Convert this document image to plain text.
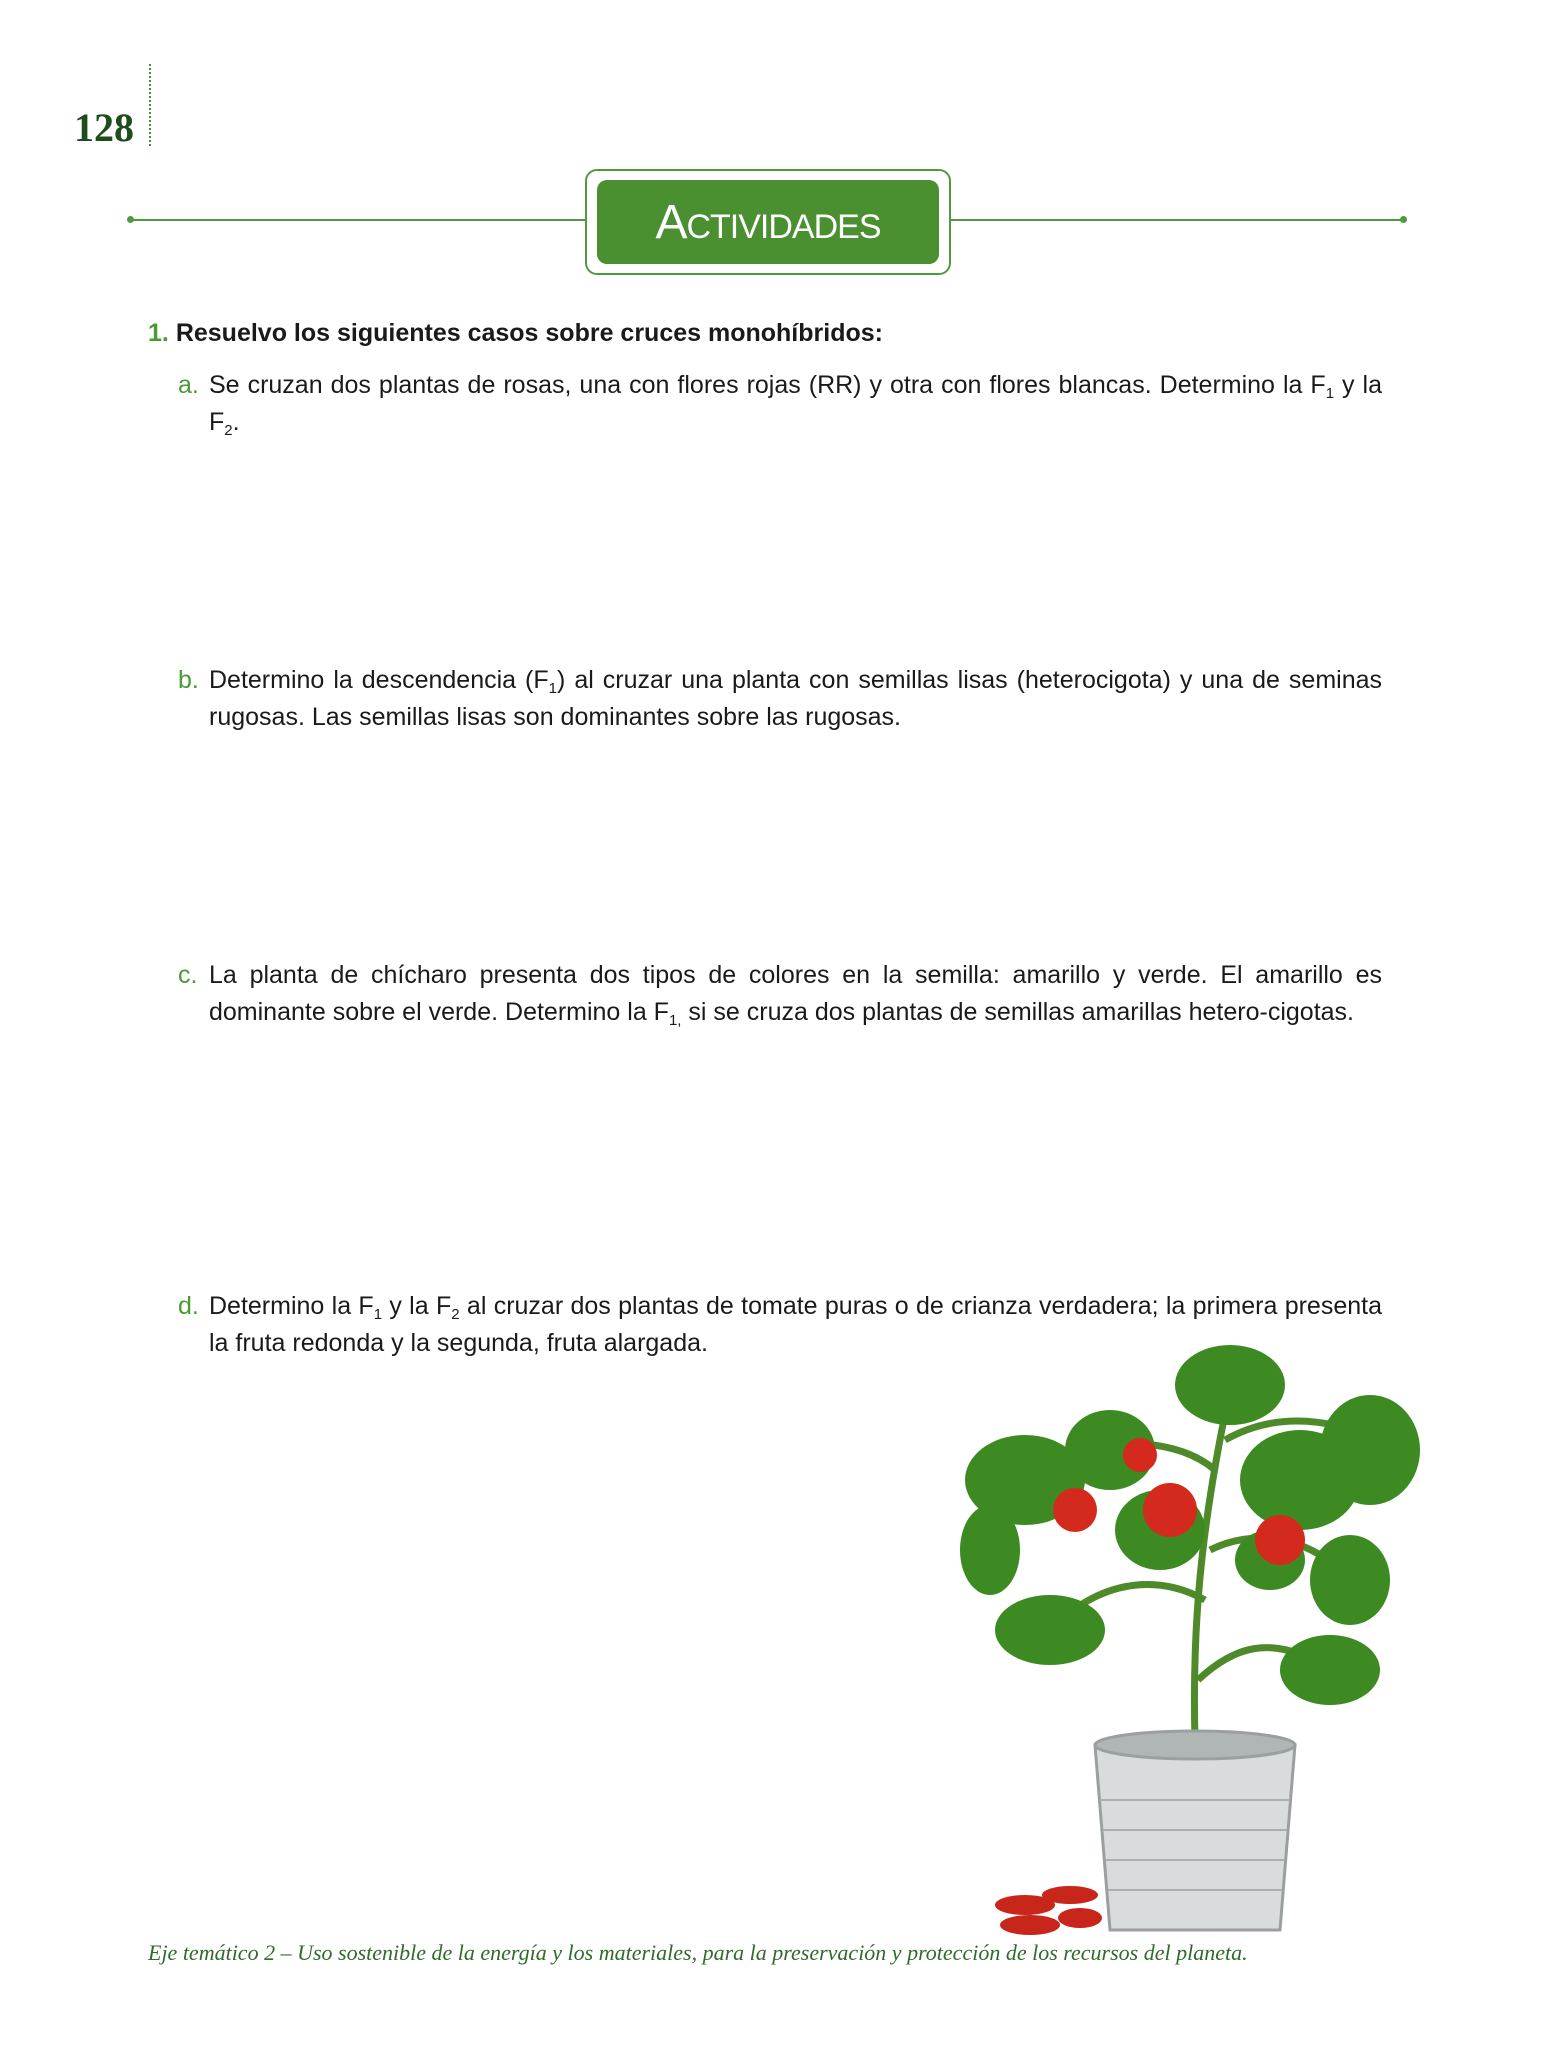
128
Actividades
1. Resuelvo los siguientes casos sobre cruces monohíbridos:
a. Se cruzan dos plantas de rosas, una con flores rojas (RR) y otra con flores blancas. Determino la $F_1$ y la $F_2$.
b. Determino la descendencia $(F_1)$ al cruzar una planta con semillas lisas (heterocigota) y una de seminas rugosas. Las semillas lisas son dominantes sobre las rugosas.
c. La planta de chícharo presenta dos tipos de colores en la semilla: amarillo y verde. El amarillo es dominante sobre el verde. Determino la $F_{1,}$ si se cruza dos plantas de semillas amarillas hetero-cigotas.
d. Determino la $F_1$ y la $F_2$ al cruzar dos plantas de tomate puras o de crianza verdadera; la primera presenta la fruta redonda y la segunda, fruta alargada.
Eje temático 2 – Uso sostenible de la energía y los materiales, para la preservación y protección de los recursos del planeta.
